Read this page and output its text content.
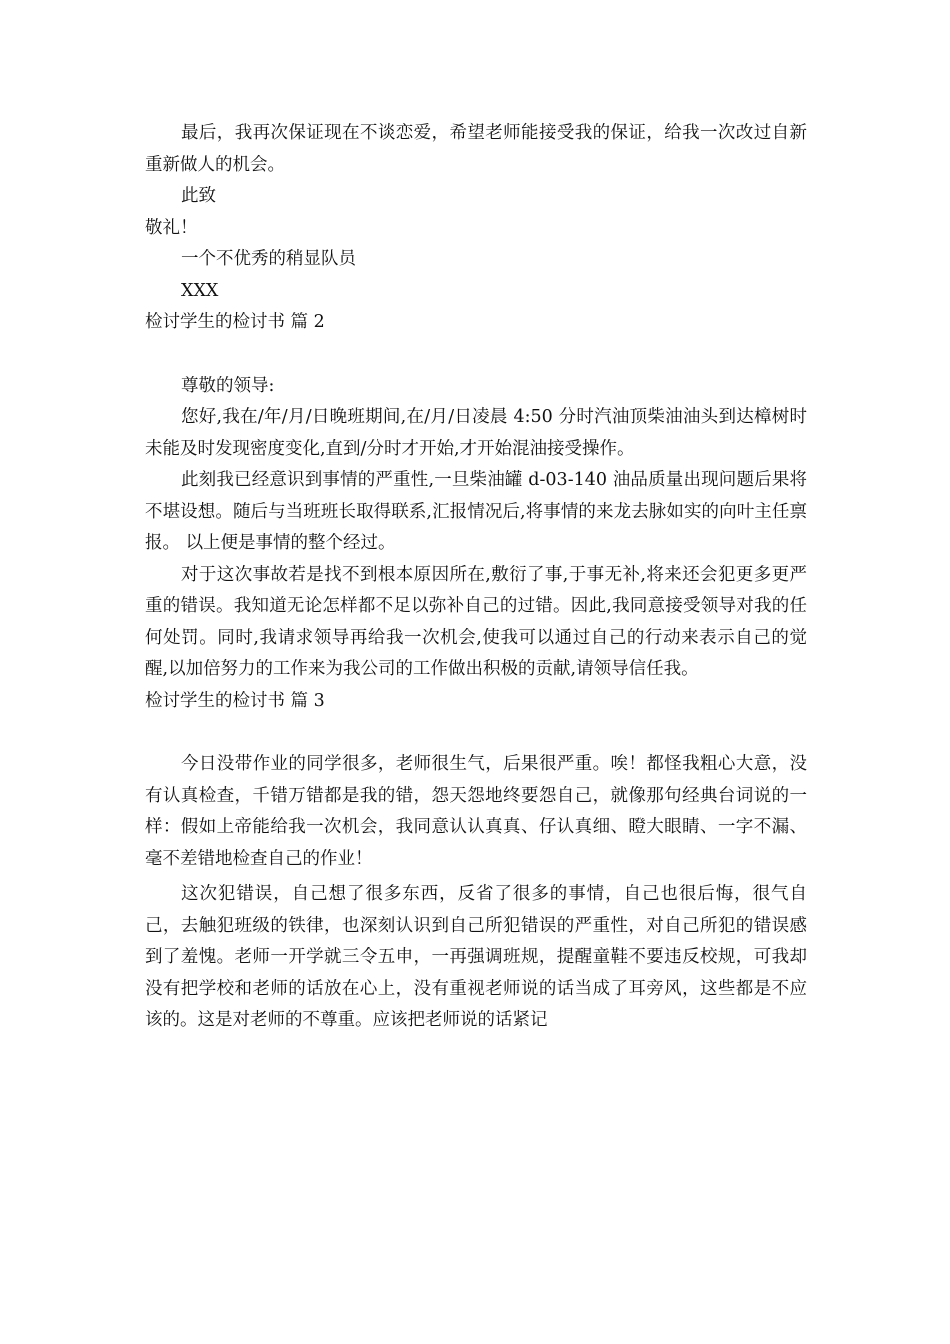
最后，我再次保证现在不谈恋爱，希望老师能接受我的保证，给我一次改过自新重新做人的机会。

此致

敬礼！

一个不优秀的稍显队员

XXX

检讨学生的检讨书 篇 2

尊敬的领导:

您好,我在/年/月/日晚班期间,在/月/日凌晨 4:50 分时汽油顶柴油油头到达樟树时未能及时发现密度变化,直到/分时才开始,才开始混油接受操作。

此刻我已经意识到事情的严重性,一旦柴油罐 d-03-140 油品质量出现问题后果将不堪设想。随后与当班班长取得联系,汇报情况后,将事情的来龙去脉如实的向叶主任禀报。 以上便是事情的整个经过。

对于这次事故若是找不到根本原因所在,敷衍了事,于事无补,将来还会犯更多更严重的错误。我知道无论怎样都不足以弥补自己的过错。因此,我同意接受领导对我的任何处罚。同时,我请求领导再给我一次机会,使我可以通过自己的行动来表示自己的觉醒,以加倍努力的工作来为我公司的工作做出积极的贡献,请领导信任我。

检讨学生的检讨书 篇 3

今日没带作业的同学很多，老师很生气，后果很严重。唉！都怪我粗心大意，没有认真检查，千错万错都是我的错，怨天怨地终要怨自己，就像那句经典台词说的一样：假如上帝能给我一次机会，我同意认认真真、仔认真细、瞪大眼睛、一字不漏、毫不差错地检查自己的作业！

这次犯错误，自己想了很多东西，反省了很多的事情，自己也很后悔，很气自己，去触犯班级的铁律，也深刻认识到自己所犯错误的严重性，对自己所犯的错误感到了羞愧。老师一开学就三令五申，一再强调班规，提醒童鞋不要违反校规，可我却没有把学校和老师的话放在心上，没有重视老师说的话当成了耳旁风，这些都是不应该的。这是对老师的不尊重。应该把老师说的话紧记
